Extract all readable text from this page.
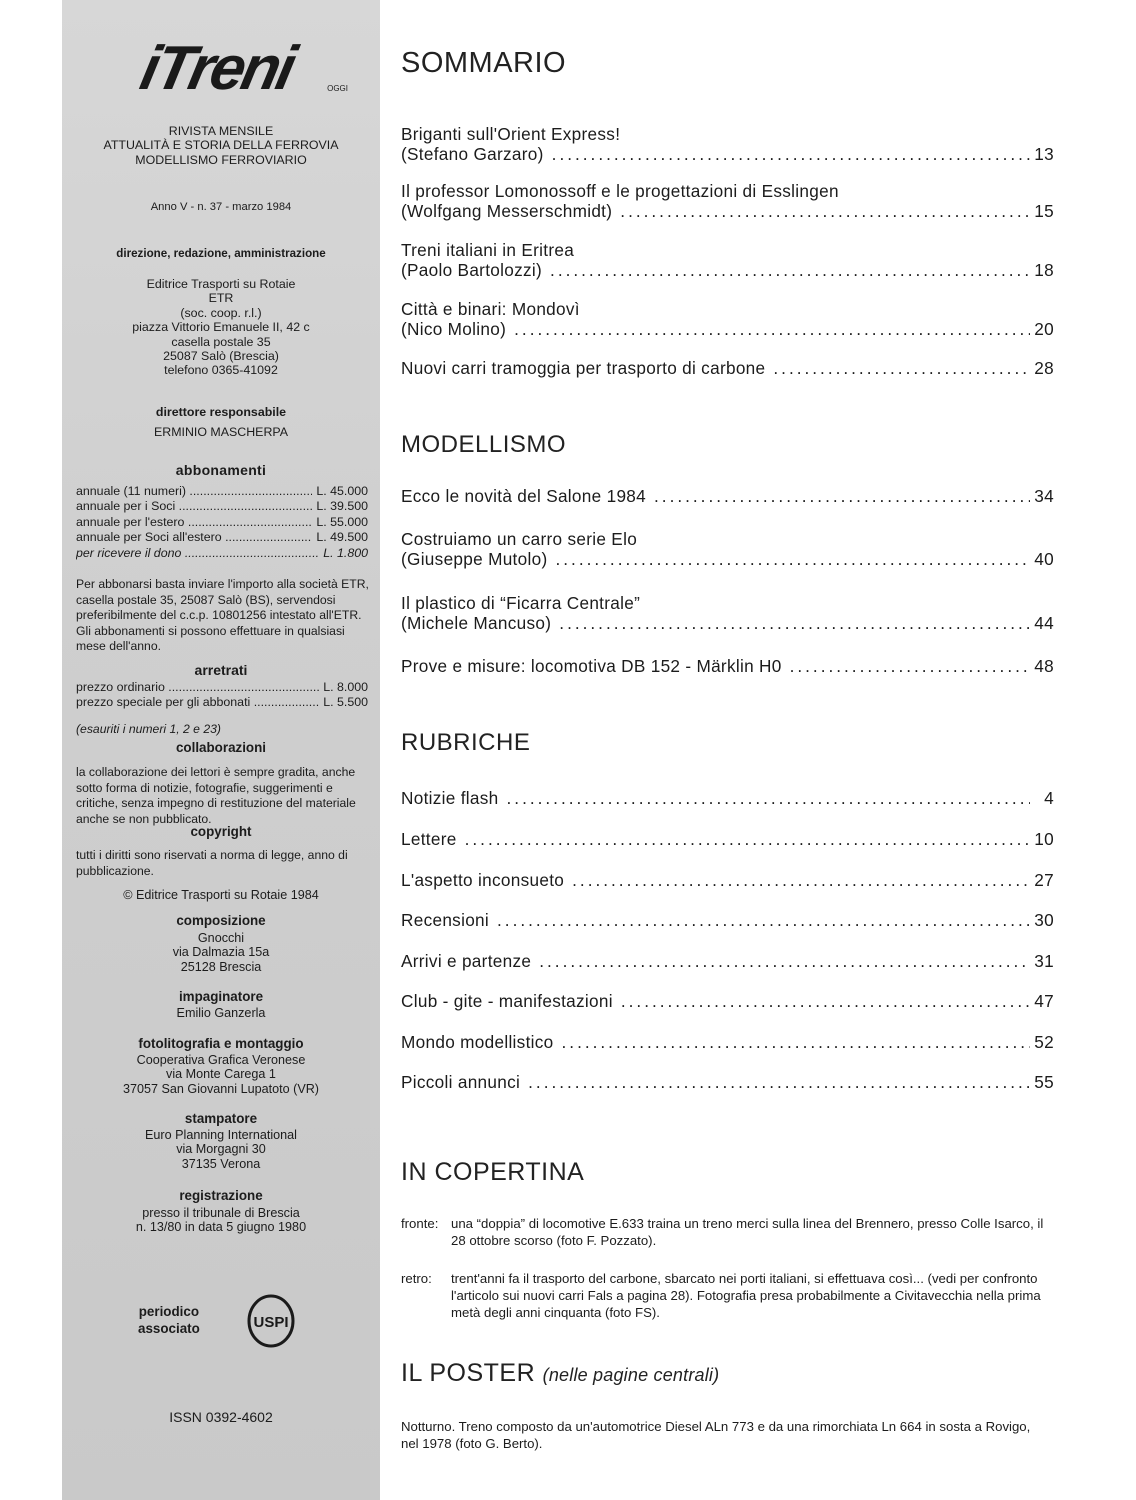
iTreni	OGGI
RIVISTA MENSILE
ATTUALITÀ E STORIA DELLA FERROVIA
MODELLISMO FERROVIARIO
Anno V - n. 37 - marzo 1984
direzione, redazione, amministrazione
Editrice Trasporti su Rotaie
ETR
(soc. coop. r.l.)
piazza Vittorio Emanuele II, 42 c
casella postale 35
25087 Salò (Brescia)
telefono 0365-41092
direttore responsabile
ERMINIO MASCHERPA
abbonamenti
annuale (11 numeri) .....	L. 45.000
annuale per i Soci .....	L. 39.500
annuale per l'estero .....	L. 55.000
annuale per Soci all'estero .....	L. 49.500
per ricevere il dono .....	L. 1.800
Per abbonarsi basta inviare l'importo alla società ETR, casella postale 35, 25087 Salò (BS), servendosi preferibilmente del c.c.p. 10801256 intestato all'ETR. Gli abbonamenti si possono effettuare in qualsiasi mese dell'anno.
arretrati
prezzo ordinario .....	L. 8.000
prezzo speciale per gli abbonati .....	L. 5.500
(esauriti i numeri 1, 2 e 23)
collaborazioni
la collaborazione dei lettori è sempre gradita, anche sotto forma di notizie, fotografie, suggerimenti e critiche, senza impegno di restituzione del materiale anche se non pubblicato.
copyright
tutti i diritti sono riservati a norma di legge, anno di pubblicazione.
© Editrice Trasporti su Rotaie 1984
composizione
Gnocchi
via Dalmazia 15a
25128 Brescia
impaginatore
Emilio Ganzerla
fotolitografia e montaggio
Cooperativa Grafica Veronese
via Monte Carega 1
37057 San Giovanni Lupatoto (VR)
stampatore
Euro Planning International
via Morgagni 30
37135 Verona
registrazione
presso il tribunale di Brescia
n. 13/80 in data 5 giugno 1980
periodico
associato	USPI
ISSN 0392-4602
SOMMARIO
Briganti sull'Orient Express!
(Stefano Garzaro) .....	13
Il professor Lomonossoff e le progettazioni di Esslingen
(Wolfgang Messerschmidt) .....	15
Treni italiani in Eritrea
(Paolo Bartolozzi) .....	18
Città e binari: Mondovì
(Nico Molino) .....	20
Nuovi carri tramoggia per trasporto di carbone .....	28
MODELLISMO
Ecco le novità del Salone 1984 .....	34
Costruiamo un carro serie Elo
(Giuseppe Mutolo) .....	40
Il plastico di “Ficarra Centrale”
(Michele Mancuso) .....	44
Prove e misure: locomotiva DB 152 - Märklin H0 .....	48
RUBRICHE
Notizie flash .....	4
Lettere .....	10
L'aspetto inconsueto .....	27
Recensioni .....	30
Arrivi e partenze .....	31
Club - gite - manifestazioni .....	47
Mondo modellistico .....	52
Piccoli annunci .....	55
IN COPERTINA
fronte: una “doppia” di locomotive E.633 traina un treno merci sulla linea del Brennero, presso Colle Isarco, il 28 ottobre scorso (foto F. Pozzato).
retro:	trent'anni fa il trasporto del carbone, sbarcato nei porti italiani, si effettuava così... (vedi per confronto l'articolo sui nuovi carri Fals a pagina 28). Fotografia presa probabilmente a Civitavecchia nella prima metà degli anni cinquanta (foto FS).
IL POSTER (nelle pagine centrali)
Notturno. Treno composto da un'automotrice Diesel ALn 773 e da una rimorchiata Ln 664 in sosta a Rovigo, nel 1978 (foto G. Berto).
